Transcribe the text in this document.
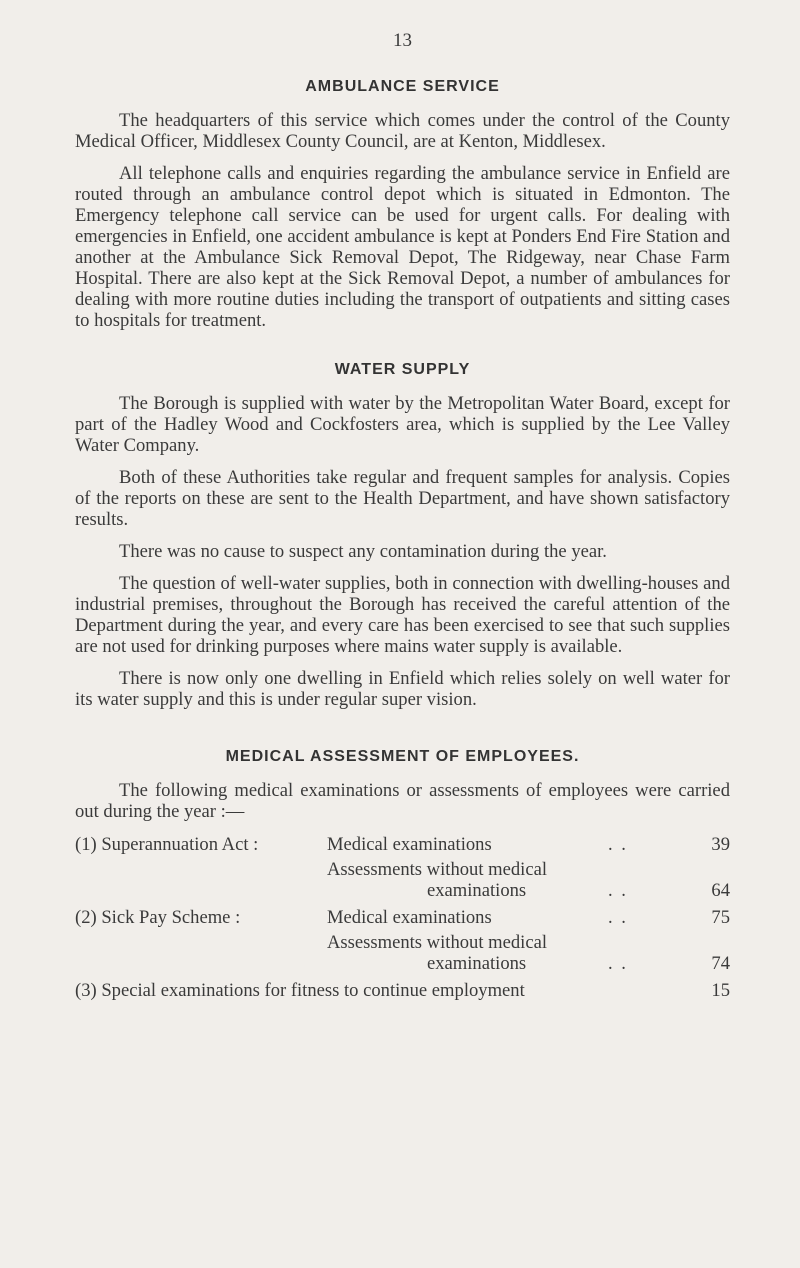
13
AMBULANCE SERVICE

The headquarters of this service which comes under the control of the County Medical Officer, Middlesex County Council, are at Kenton, Middlesex.

All telephone calls and enquiries regarding the ambulance service in Enfield are routed through an ambulance control depot which is situated in Edmonton. The Emergency telephone call service can be used for urgent calls. For dealing with emergencies in Enfield, one accident ambulance is kept at Ponders End Fire Station and another at the Ambulance Sick Removal Depot, The Ridgeway, near Chase Farm Hospital. There are also kept at the Sick Removal Depot, a number of ambulances for dealing with more routine duties including the transport of outpatients and sitting cases to hospitals for treatment.

WATER SUPPLY

The Borough is supplied with water by the Metropolitan Water Board, except for part of the Hadley Wood and Cockfosters area, which is supplied by the Lee Valley Water Company.

Both of these Authorities take regular and frequent samples for analysis. Copies of the reports on these are sent to the Health Department, and have shown satisfactory results.

There was no cause to suspect any contamination during the year.

The question of well-water supplies, both in connection with dwelling-houses and industrial premises, throughout the Borough has received the careful attention of the Department during the year, and every care has been exercised to see that such supplies are not used for drinking purposes where mains water supply is available.

There is now only one dwelling in Enfield which relies solely on well water for its water supply and this is under regular super vision.

MEDICAL ASSESSMENT OF EMPLOYEES.

The following medical examinations or assessments of employees were carried out during the year :—

(1) Superannuation Act :	Medical examinations	. .	39
	Assessments without medical		
	examinations	. .	64
(2) Sick Pay Scheme :	Medical examinations	. .	75
	Assessments without medical		
	examinations	. .	74
(3) Special examinations for fitness to continue employment			15
